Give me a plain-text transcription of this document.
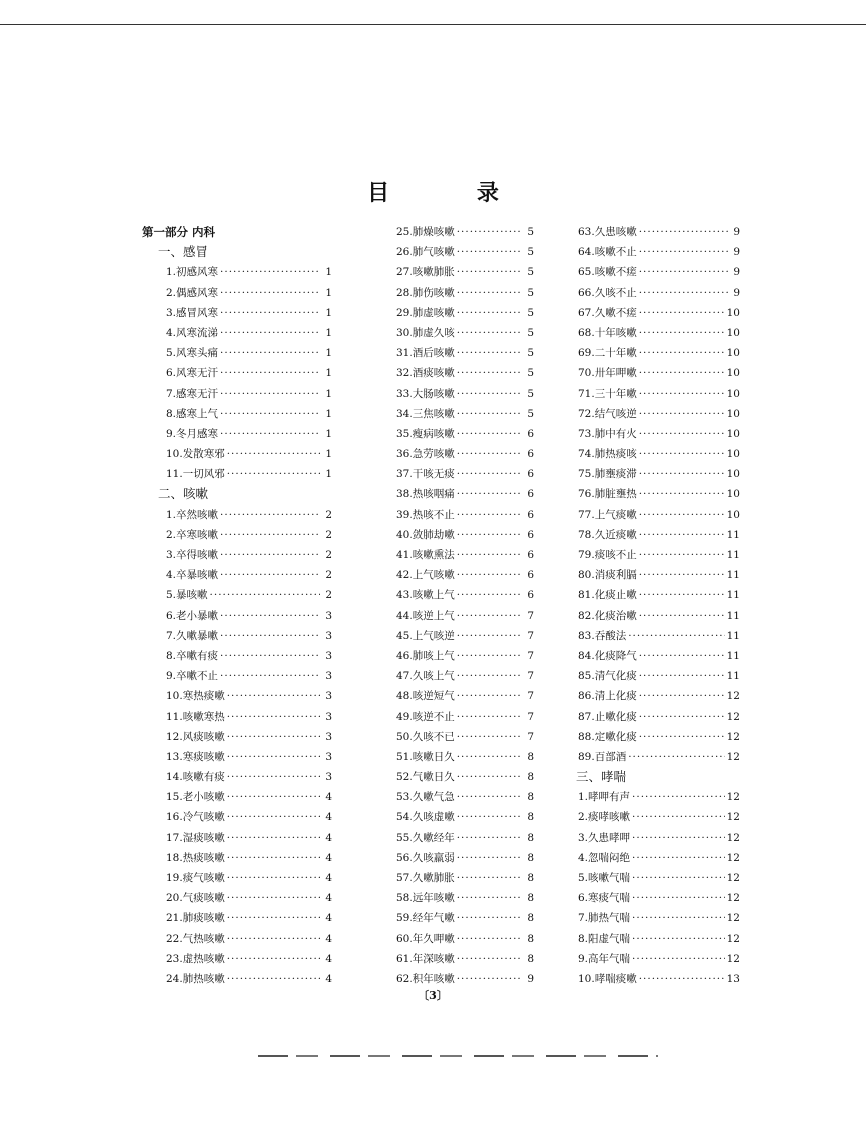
目 录
第一部分 内科
一、感冒
1.初感风寒 ·····	1
2.偶感风寒 ·····	1
3.感冒风寒 ·····	1
4.风寒流涕 ·····	1
5.风寒头痛 ·····	1
6.风寒无汗 ·····	1
7.感寒无汗 ·····	1
8.感寒上气 ·····	1
9.冬月感寒 ·····	1
10.发散寒邪 ·····	1
11.一切风邪 ·····	1
二、咳嗽
1.卒然咳嗽 ·····	2
2.卒寒咳嗽 ·····	2
3.卒得咳嗽 ·····	2
4.卒暴咳嗽 ·····	2
5.暴咳嗽 ·····	2
6.老小暴嗽 ·····	3
7.久嗽暴嗽 ·····	3
8.卒嗽有痰 ·····	3
9.卒嗽不止 ·····	3
10.寒热痰嗽 ·····	3
11.咳嗽寒热 ·····	3
12.风痰咳嗽 ·····	3
13.寒痰咳嗽 ·····	3
14.咳嗽有痰 ·····	3
15.老小咳嗽 ·····	4
16.冷气咳嗽 ·····	4
17.湿痰咳嗽 ·····	4
18.热痰咳嗽 ·····	4
19.痰气咳嗽 ·····	4
20.气痰咳嗽 ·····	4
21.肺痰咳嗽 ·····	4
22.气热咳嗽 ·····	4
23.虚热咳嗽 ·····	4
24.肺热咳嗽 ·····	4
25.肺燥咳嗽 ·····	5
26.肺气咳嗽 ·····	5
27.咳嗽肺胀 ·····	5
28.肺伤咳嗽 ·····	5
29.肺虚咳嗽 ·····	5
30.肺虚久咳 ·····	5
31.酒后咳嗽 ·····	5
32.酒痰咳嗽 ·····	5
33.大肠咳嗽 ·····	5
34.三焦咳嗽 ·····	5
35.瘦病咳嗽 ·····	6
36.急劳咳嗽 ·····	6
37.干咳无痰 ·····	6
38.热咳咽痛 ·····	6
39.热咳不止 ·····	6
40.敛肺劫嗽 ·····	6
41.咳嗽熏法 ·····	6
42.上气咳嗽 ·····	6
43.咳嗽上气 ·····	6
44.咳逆上气 ·····	7
45.上气咳逆 ·····	7
46.肺咳上气 ·····	7
47.久咳上气 ·····	7
48.咳逆短气 ·····	7
49.咳逆不止 ·····	7
50.久咳不已 ·····	7
51.咳嗽日久 ·····	8
52.气嗽日久 ·····	8
53.久嗽气急 ·····	8
54.久咳虚嗽 ·····	8
55.久嗽经年 ·····	8
56.久咳羸弱 ·····	8
57.久嗽肺胀 ·····	8
58.远年咳嗽 ·····	8
59.经年气嗽 ·····	8
60.年久呷嗽 ·····	8
61.年深咳嗽 ·····	8
62.积年咳嗽 ·····	9
63.久患咳嗽 ·····	9
64.咳嗽不止 ·····	9
65.咳嗽不瘥 ·····	9
66.久咳不止 ·····	9
67.久嗽不瘥 ·····	10
68.十年咳嗽 ·····	10
69.二十年嗽 ·····	10
70.卅年呷嗽 ·····	10
71.三十年嗽 ·····	10
72.结气咳逆 ·····	10
73.肺中有火 ·····	10
74.肺热痰咳 ·····	10
75.肺壅痰滞 ·····	10
76.肺脏壅热 ·····	10
77.上气痰嗽 ·····	10
78.久近痰嗽 ·····	11
79.痰咳不止 ·····	11
80.消痰利膈 ·····	11
81.化痰止嗽 ·····	11
82.化痰治嗽 ·····	11
83.吞酸法 ·····	11
84.化痰降气 ·····	11
85.清气化痰 ·····	11
86.清上化痰 ·····	12
87.止嗽化痰 ·····	12
88.定嗽化痰 ·····	12
89.百部酒 ·····	12
三、哮喘
1.哮呷有声 ·····	12
2.痰哮咳嗽 ·····	12
3.久患哮呷 ·····	12
4.忽喘闷绝 ·····	12
5.咳嗽气喘 ·····	12
6.寒痰气喘 ·····	12
7.肺热气喘 ·····	12
8.阳虚气喘 ·····	12
9.高年气喘 ·····	12
10.哮喘痰嗽 ·····	13
〔3〕
